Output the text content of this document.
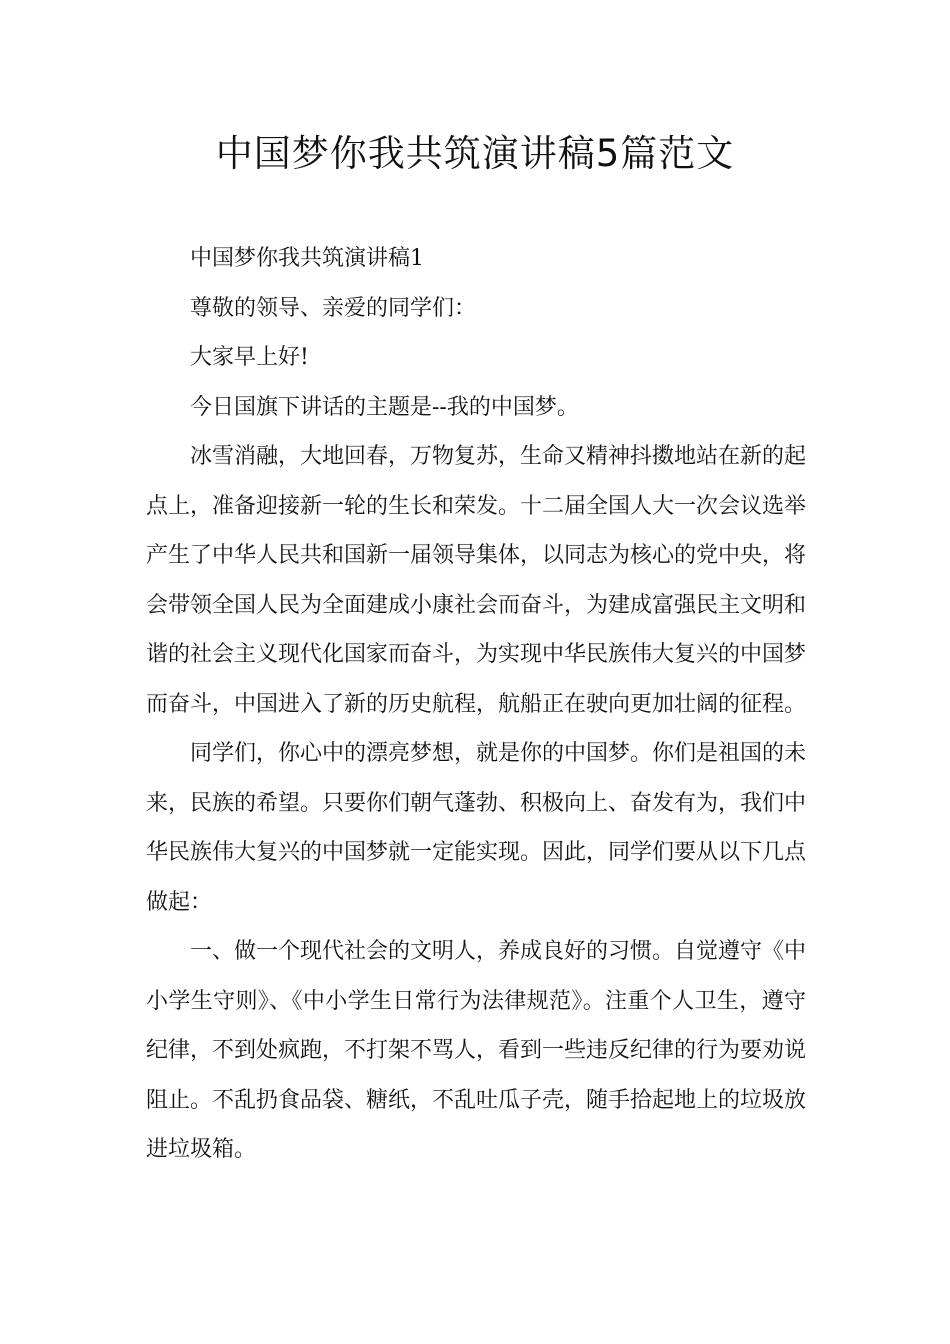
中国梦你我共筑演讲稿5篇范文

中国梦你我共筑演讲稿1

尊敬的领导、亲爱的同学们：

大家早上好!

今日国旗下讲话的主题是--我的中国梦。

冰雪消融，大地回春，万物复苏，生命又精神抖擞地站在新的起点上，准备迎接新一轮的生长和荣发。十二届全国人大一次会议选举产生了中华人民共和国新一届领导集体，以同志为核心的党中央，将会带领全国人民为全面建成小康社会而奋斗，为建成富强民主文明和谐的社会主义现代化国家而奋斗，为实现中华民族伟大复兴的中国梦而奋斗，中国进入了新的历史航程，航船正在驶向更加壮阔的征程。

同学们，你心中的漂亮梦想，就是你的中国梦。你们是祖国的未来，民族的希望。只要你们朝气蓬勃、积极向上、奋发有为，我们中华民族伟大复兴的中国梦就一定能实现。因此，同学们要从以下几点做起：

一、做一个现代社会的文明人，养成良好的习惯。自觉遵守《中小学生守则》、《中小学生日常行为法律规范》。注重个人卫生，遵守纪律，不到处疯跑，不打架不骂人，看到一些违反纪律的行为要劝说阻止。不乱扔食品袋、糖纸，不乱吐瓜子壳，随手拾起地上的垃圾放进垃圾箱。
